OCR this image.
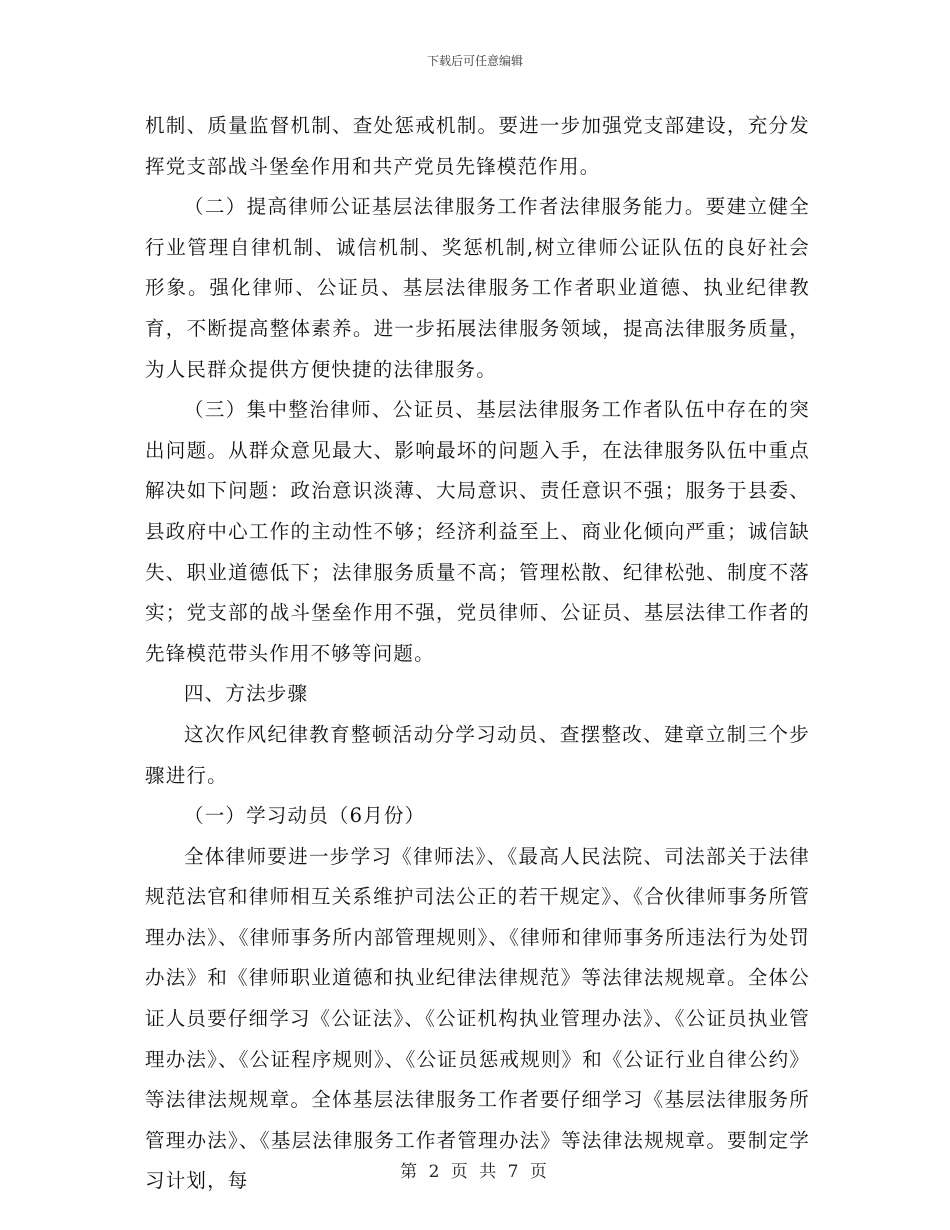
下载后可任意编辑

机制、质量监督机制、查处惩戒机制。要进一步加强党支部建设，充分发挥党支部战斗堡垒作用和共产党员先锋模范作用。

（二）提高律师公证基层法律服务工作者法律服务能力。要建立健全行业管理自律机制、诚信机制、奖惩机制,树立律师公证队伍的良好社会形象。强化律师、公证员、基层法律服务工作者职业道德、执业纪律教育，不断提高整体素养。进一步拓展法律服务领域，提高法律服务质量，为人民群众提供方便快捷的法律服务。

（三）集中整治律师、公证员、基层法律服务工作者队伍中存在的突出问题。从群众意见最大、影响最坏的问题入手，在法律服务队伍中重点解决如下问题：政治意识淡薄、大局意识、责任意识不强；服务于县委、县政府中心工作的主动性不够；经济利益至上、商业化倾向严重；诚信缺失、职业道德低下；法律服务质量不高；管理松散、纪律松弛、制度不落实；党支部的战斗堡垒作用不强，党员律师、公证员、基层法律工作者的先锋模范带头作用不够等问题。

四、方法步骤

这次作风纪律教育整顿活动分学习动员、查摆整改、建章立制三个步骤进行。

（一）学习动员（6月份）

全体律师要进一步学习《律师法》、《最高人民法院、司法部关于法律规范法官和律师相互关系维护司法公正的若干规定》、《合伙律师事务所管理办法》、《律师事务所内部管理规则》、《律师和律师事务所违法行为处罚办法》和《律师职业道德和执业纪律法律规范》等法律法规规章。全体公证人员要仔细学习《公证法》、《公证机构执业管理办法》、《公证员执业管理办法》、《公证程序规则》、《公证员惩戒规则》和《公证行业自律公约》等法律法规规章。全体基层法律服务工作者要仔细学习《基层法律服务所管理办法》、《基层法律服务工作者管理办法》等法律法规规章。要制定学习计划，每	第 2 页 共 7 页
